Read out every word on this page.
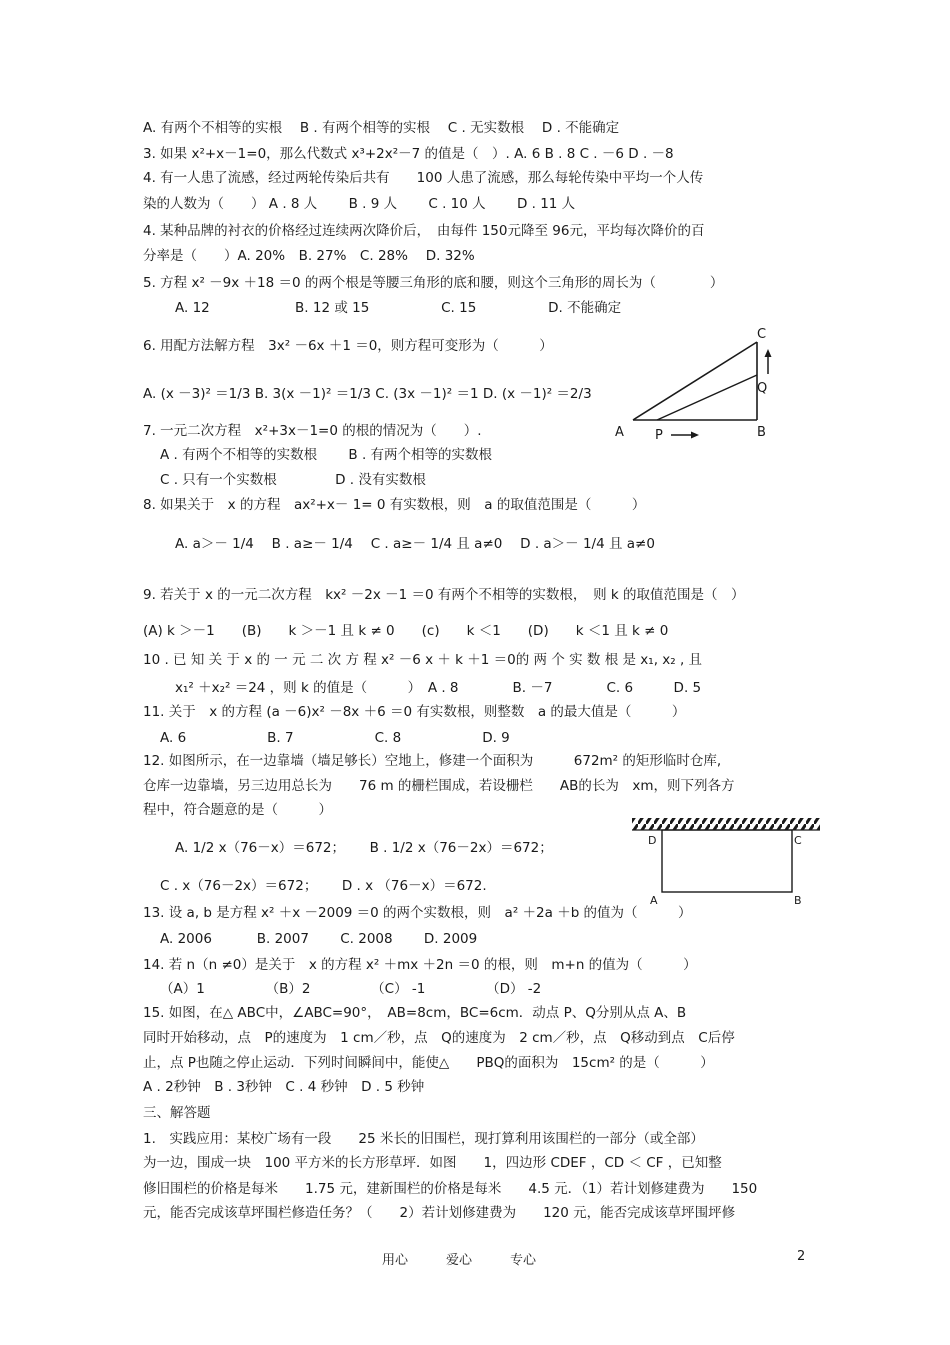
A. 有两个不相等的实根　 B . 有两个相等的实根　 C . 无实数根　 D . 不能确定
3. 如果 x²+x－1=0，那么代数式 x³+2x²－7 的值是（　）. A. 6 B . 8 C . －6 D . －8
4. 有一人患了流感，经过两轮传染后共有　　100 人患了流感，那么每轮传染中平均一个人传
染的人数为（　　） A . 8 人　　 B . 9 人　　 C . 10 人　　 D . 11 人
4. 某种品牌的衬衣的价格经过连续两次降价后，　由每件 150元降至 96元，平均每次降价的百
分率是（　　）A. 20%　B. 27%　C. 28%　 D. 32%
5. 方程 x² －9x ＋18 ＝0 的两个根是等腰三角形的底和腰，则这个三角形的周长为（　　　　）
A. 12　　　　　　 B. 12 或 15　　　　　 C. 15　　　　　 D. 不能确定
6. 用配方法解方程　3x² －6x ＋1 ＝0，则方程可变形为（　　　）
A. (x －3)² ＝1/3 B. 3(x －1)² ＝1/3 C. (3x －1)² ＝1 D. (x －1)² ＝2/3
7. 一元二次方程　x²+3x－1=0 的根的情况为（　　）.
A . 有两个不相等的实数根　　 B . 有两个相等的实数根
C . 只有一个实数根　　　　 D . 没有实数根
8. 如果关于　x 的方程　ax²+x－ 1= 0 有实数根，则　a 的取值范围是（　　　）
A. a＞－ 1/4　 B . a≥－ 1/4　 C . a≥－ 1/4 且 a≠0　 D . a＞－ 1/4 且 a≠0
9. 若关于 x 的一元二次方程　kx² －2x －1 ＝0 有两个不相等的实数根，　则 k 的取值范围是（　）
(A) k ＞－1　　(B)　　k ＞－1 且 k ≠ 0　　(c)　　k ＜1　　(D)　　k ＜1 且 k ≠ 0
10 . 已 知 关 于 x 的 一 元 二 次 方 程 x² －6 x ＋ k ＋1 ＝0的 两 个 实 数 根 是 x₁, x₂ , 且
x₁² ＋x₂² ＝24 ，则 k 的值是（　　　）　A . 8　　　　B. －7　　　　C. 6　　　D. 5
11. 关于　x 的方程 (a －6)x² －8x ＋6 ＝0 有实数根，则整数　a 的最大值是（　　　）
A. 6　　　　　　B. 7　　　　　　C. 8　　　　　　D. 9
12. 如图所示，在一边靠墙（墙足够长）空地上，修建一个面积为　　　672m² 的矩形临时仓库,
仓库一边靠墙，另三边用总长为　　76 m 的栅栏围成，若设栅栏　　AB的长为　xm，则下列各方
程中，符合题意的是（　　　）
A. 1/2 x（76－x）＝672；　　 B . 1/2 x（76－2x）＝672；
C . x（76－2x）＝672；　　 D . x （76－x）＝672.
13. 设 a, b 是方程 x² ＋x －2009 ＝0 的两个实数根，则　a² ＋2a ＋b 的值为（　　　）
A. 2006　　　 B. 2007　　 C. 2008　　 D. 2009
14. 若 n（n ≠0）是关于　x 的方程 x² ＋mx ＋2n ＝0 的根，则　m+n 的值为（　　　）
（A）1　　　　　（B）2　　　　　（C） -1　　　　　（D） -2
15. 如图，在△ ABC中，∠ABC=90°，　AB=8cm，BC=6cm．动点 P、Q分别从点 A、B
同时开始移动，点　P的速度为　1 cm／秒，点　Q的速度为　2 cm／秒，点　Q移动到点　C后停
止，点 P也随之停止运动．下列时间瞬间中，能使△　　PBQ的面积为　15cm² 的是（　　　）
A . 2秒钟　B . 3秒钟　C . 4 秒钟　D . 5 秒钟
三、解答题
1.　实践应用：某校广场有一段　　25 米长的旧围栏，现打算利用该围栏的一部分（或全部）
为一边，围成一块　100 平方米的长方形草坪．如图　　1，四边形 CDEF ，CD ＜ CF ，已知整
修旧围栏的价格是每米　　1.75 元，建新围栏的价格是每米　　4.5 元．（1）若计划修建费为　　150
元，能否完成该草坪围栏修造任务？（　　2）若计划修建费为　　120 元，能否完成该草坪围坪修
C
Q
A P	B
D	C
A	B
用心	爱心	专心	2
